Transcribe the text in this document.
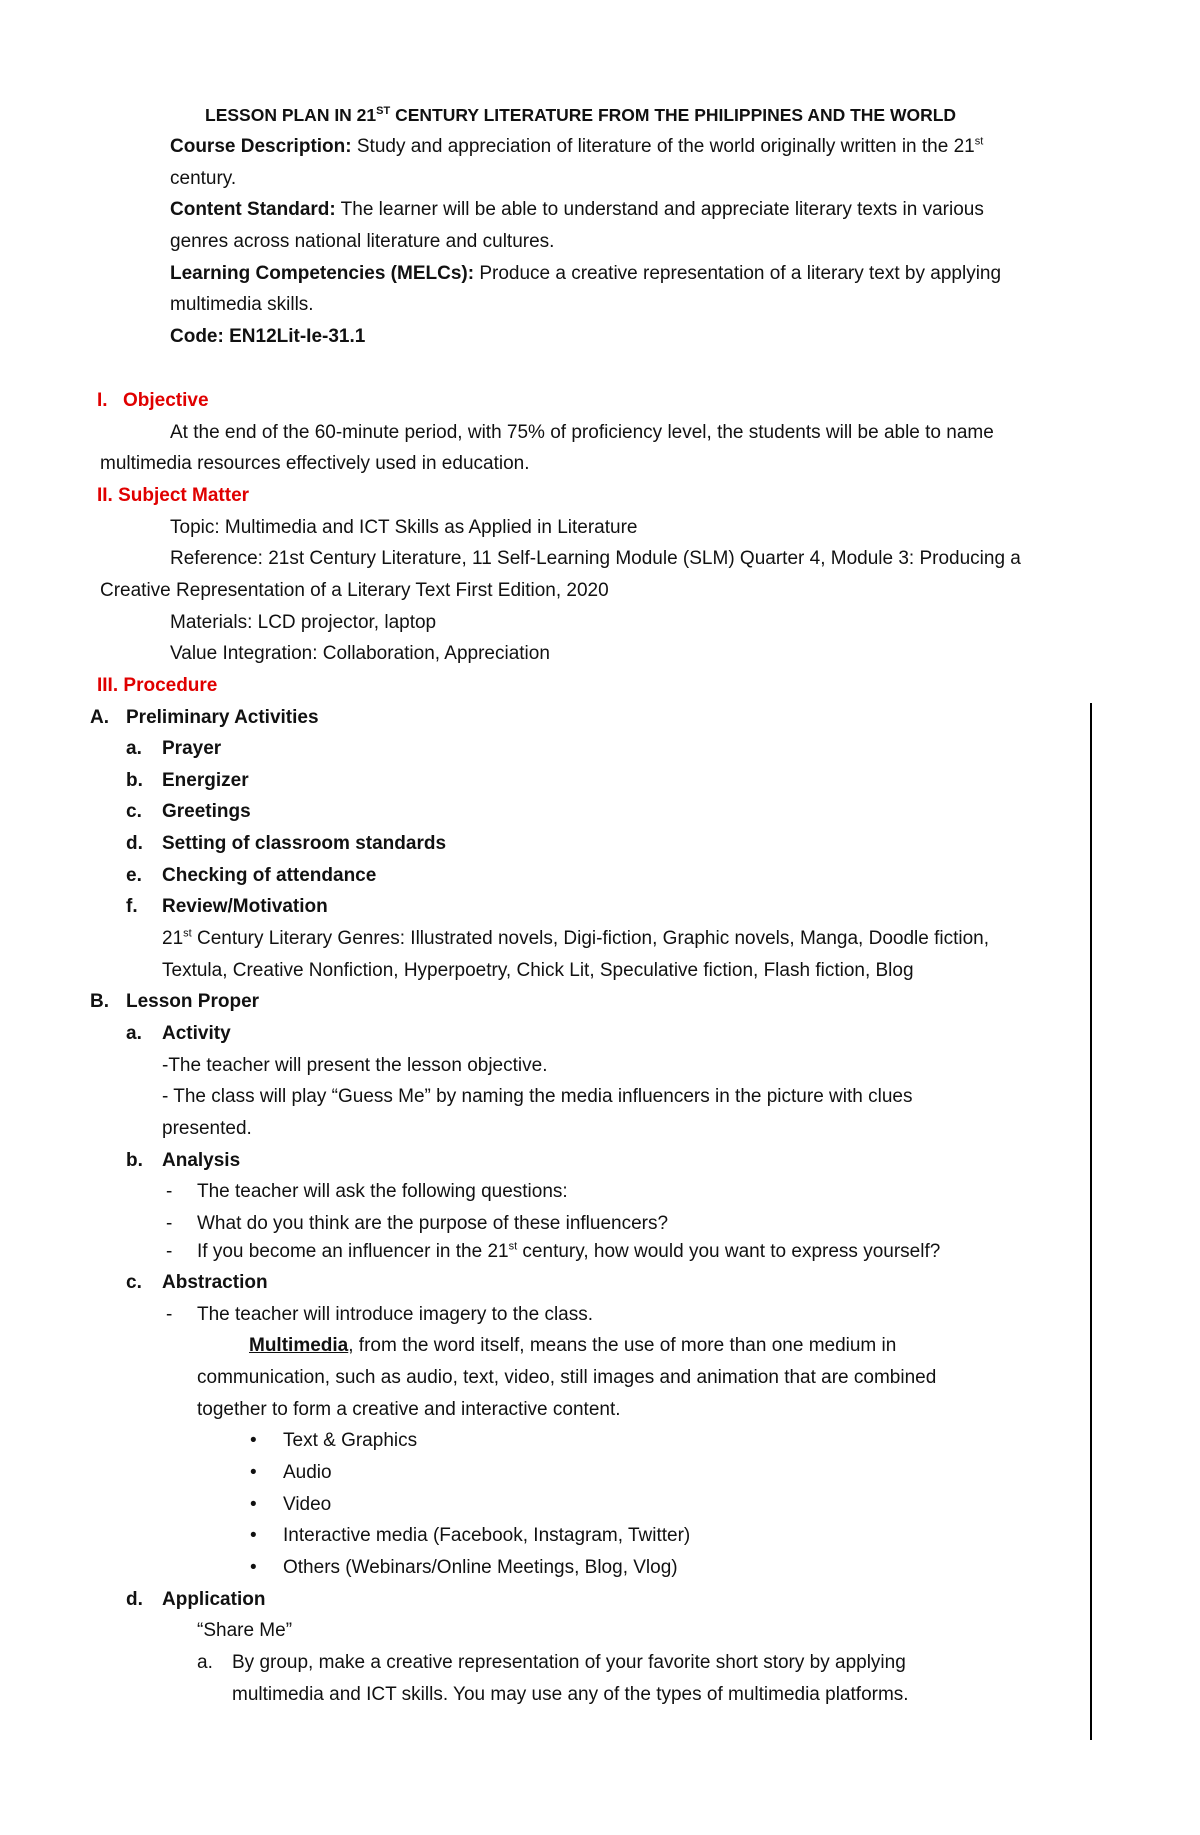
LESSON PLAN IN 21ST CENTURY LITERATURE FROM THE PHILIPPINES AND THE WORLD
Course Description: Study and appreciation of literature of the world originally written in the 21st
century.
Content Standard: The learner will be able to understand and appreciate literary texts in various
genres across national literature and cultures.
Learning Competencies (MELCs): Produce a creative representation of a literary text by applying
multimedia skills.
Code: EN12Lit-Ie-31.1
I. Objective
At the end of the 60-minute period, with 75% of proficiency level, the students will be able to name
multimedia resources effectively used in education.
II. Subject Matter
Topic: Multimedia and ICT Skills as Applied in Literature
Reference: 21st Century Literature, 11 Self-Learning Module (SLM) Quarter 4, Module 3: Producing a
Creative Representation of a Literary Text First Edition, 2020
Materials: LCD projector, laptop
Value Integration: Collaboration, Appreciation
III. Procedure
A. Preliminary Activities
a. Prayer
b. Energizer
c. Greetings
d. Setting of classroom standards
e. Checking of attendance
f. Review/Motivation
21st Century Literary Genres: Illustrated novels, Digi-fiction, Graphic novels, Manga, Doodle fiction,
Textula, Creative Nonfiction, Hyperpoetry, Chick Lit, Speculative fiction, Flash fiction, Blog
B. Lesson Proper
a. Activity
-The teacher will present the lesson objective.
- The class will play “Guess Me” by naming the media influencers in the picture with clues
presented.
b. Analysis
- The teacher will ask the following questions:
- What do you think are the purpose of these influencers?
- If you become an influencer in the 21st century, how would you want to express yourself?
c. Abstraction
- The teacher will introduce imagery to the class.
Multimedia, from the word itself, means the use of more than one medium in
communication, such as audio, text, video, still images and animation that are combined
together to form a creative and interactive content.
• Text & Graphics
• Audio
• Video
• Interactive media (Facebook, Instagram, Twitter)
• Others (Webinars/Online Meetings, Blog, Vlog)
d. Application
“Share Me”
a. By group, make a creative representation of your favorite short story by applying
multimedia and ICT skills. You may use any of the types of multimedia platforms.
